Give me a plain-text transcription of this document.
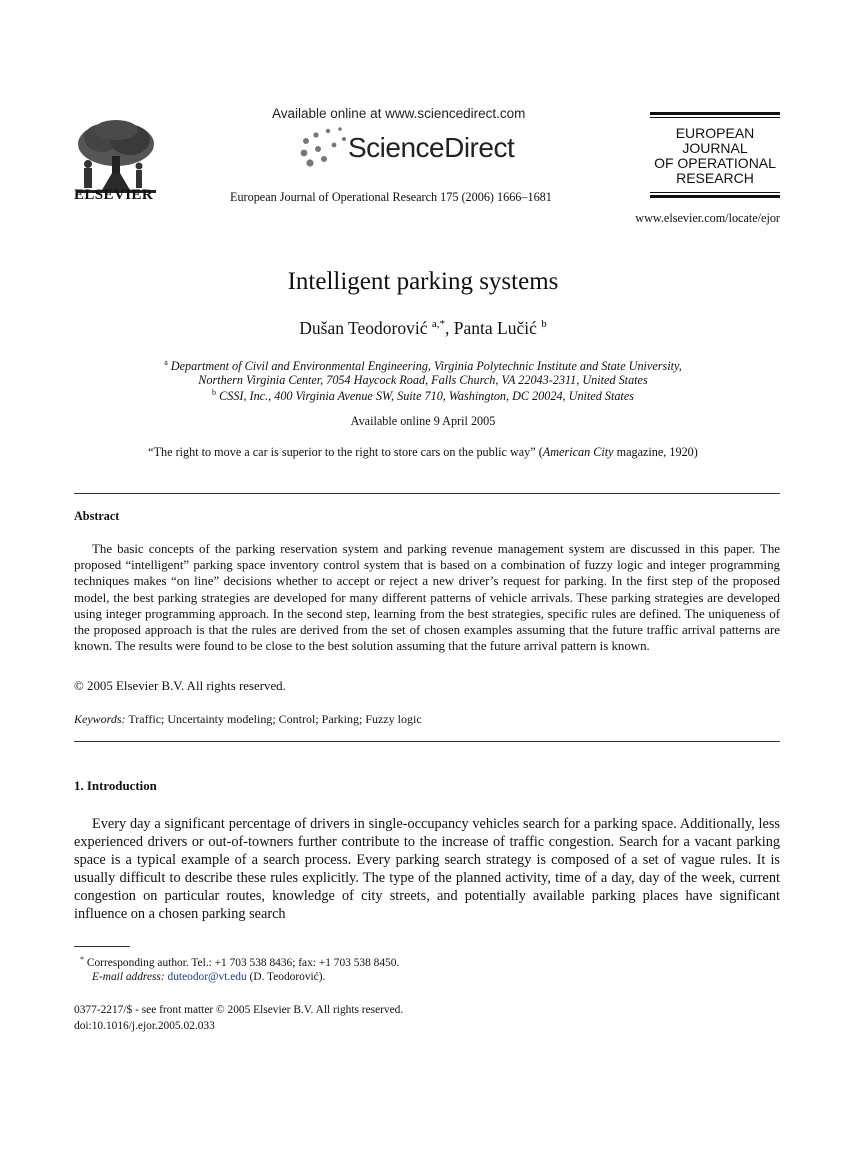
ELSEVIER
Available online at www.sciencedirect.com
ScienceDirect
European Journal of Operational Research 175 (2006) 1666–1681
EUROPEAN
JOURNAL
OF OPERATIONAL
RESEARCH
www.elsevier.com/locate/ejor
Intelligent parking systems
Dušan Teodorović $^{a,*}$, Panta Lučić $^b$
$^a$ Department of Civil and Environmental Engineering, Virginia Polytechnic Institute and State University,
Northern Virginia Center, 7054 Haycock Road, Falls Church, VA 22043-2311, United States
$^b$ CSSI, Inc., 400 Virginia Avenue SW, Suite 710, Washington, DC 20024, United States
Available online 9 April 2005
“The right to move a car is superior to the right to store cars on the public way” (American City magazine, 1920)
Abstract

The basic concepts of the parking reservation system and parking revenue management system are discussed in this paper. The proposed “intelligent” parking space inventory control system that is based on a combination of fuzzy logic and integer programming techniques makes “on line” decisions whether to accept or reject a new driver’s request for parking. In the first step of the proposed model, the best parking strategies are developed for many different patterns of vehicle arrivals. These parking strategies are developed using integer programming approach. In the second step, learning from the best strategies, specific rules are defined. The uniqueness of the proposed approach is that the rules are derived from the set of chosen examples assuming that the future traffic arrival patterns are known. The results were found to be close to the best solution assuming that the future arrival pattern is known.

© 2005 Elsevier B.V. All rights reserved.
Keywords: Traffic; Uncertainty modeling; Control; Parking; Fuzzy logic
1. Introduction

Every day a significant percentage of drivers in single-occupancy vehicles search for a parking space. Additionally, less experienced drivers or out-of-towners further contribute to the increase of traffic congestion. Search for a vacant parking space is a typical example of a search process. Every parking search strategy is composed of a set of vague rules. It is usually difficult to describe these rules explicitly. The type of the planned activity, time of a day, day of the week, current congestion on particular routes, knowledge of city streets, and potentially available parking places have significant influence on a chosen parking search

* Corresponding author. Tel.: +1 703 538 8436; fax: +1 703 538 8450.
E-mail address: duteodor@vt.edu (D. Teodorović).
0377-2217/$ - see front matter © 2005 Elsevier B.V. All rights reserved.
doi:10.1016/j.ejor.2005.02.033
